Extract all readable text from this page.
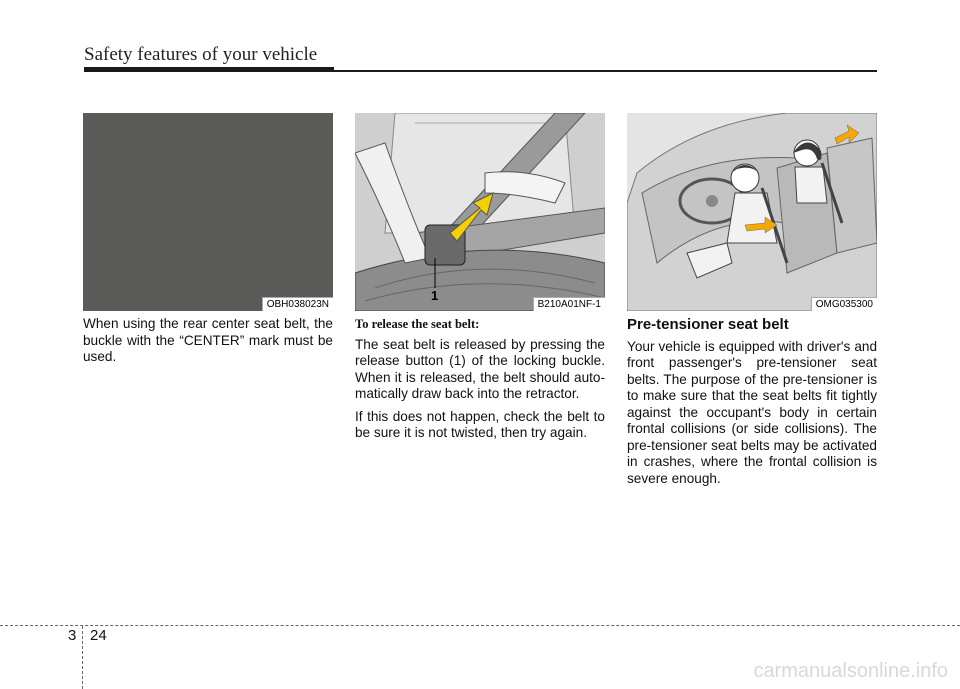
Safety features of your vehicle
OBH038023N
1
B210A01NF-1	OMG035300

When using the rear center seat belt, the buckle with the “CENTER” mark must be used.

To release the seat belt:

The seat belt is released by pressing the release button (1) of the locking buckle. When it is released, the belt should auto-matically draw back into the retractor.

If this does not happen, check the belt to be sure it is not twisted, then try again.

Pre-tensioner seat belt

Your vehicle is equipped with driver's and front passenger's pre-tensioner seat belts. The purpose of the pre-tensioner is to make sure that the seat belts fit tightly against the occupant's body in certain frontal collisions (or side collisions). The pre-tensioner seat belts may be activated in crashes, where the frontal collision is severe enough.

3 24
carmanualsonline.info
